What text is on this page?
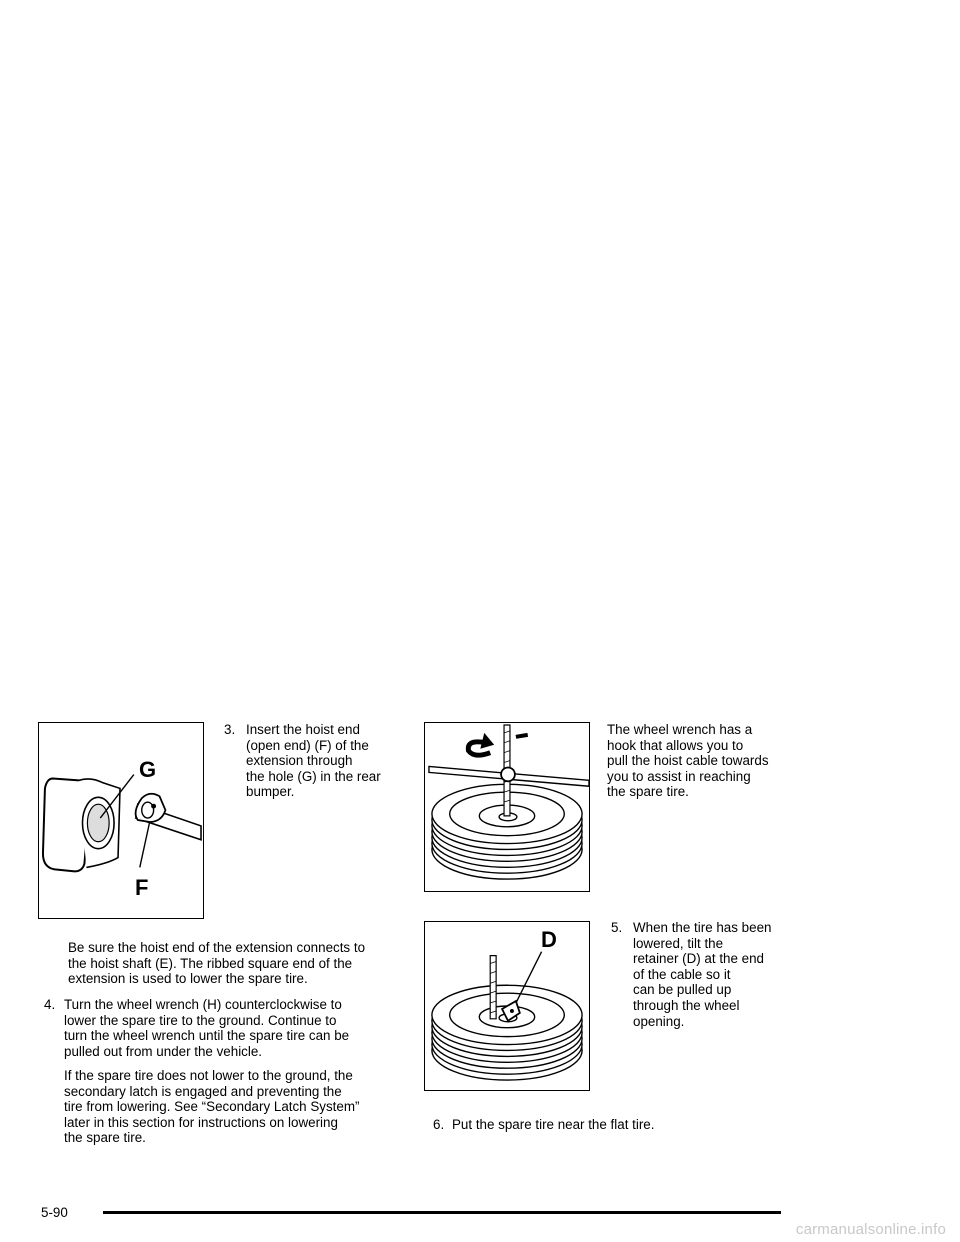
G
F
3. Insert the hoist end
(open end) (F) of the
extension through
the hole (G) in the rear
bumper.
Be sure the hoist end of the extension connects to
the hoist shaft (E). The ribbed square end of the
extension is used to lower the spare tire.
4. Turn the wheel wrench (H) counterclockwise to
lower the spare tire to the ground. Continue to
turn the wheel wrench until the spare tire can be
pulled out from under the vehicle.
If the spare tire does not lower to the ground, the
secondary latch is engaged and preventing the
tire from lowering. See “Secondary Latch System”
later in this section for instructions on lowering
the spare tire.
The wheel wrench has a
hook that allows you to
pull the hoist cable towards
you to assist in reaching
the spare tire.
D	5. When the tire has been
lowered, tilt the
retainer (D) at the end
of the cable so it
can be pulled up
through the wheel
opening.
6. Put the spare tire near the flat tire.
5-90
carmanualsonline.info
